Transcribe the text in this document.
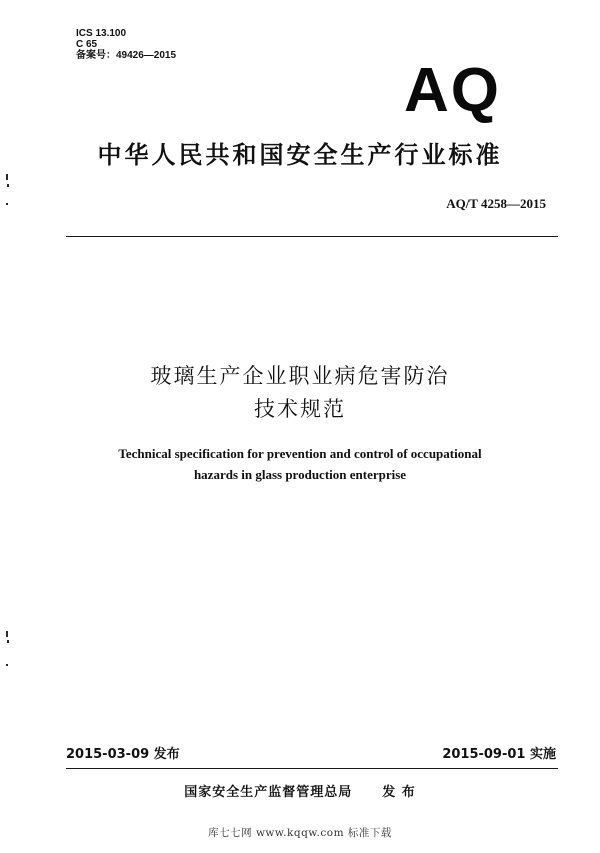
ICS 13.100
C 65
备案号：49426—2015
AQ
中华人民共和国安全生产行业标准
AQ/T 4258—2015
玻璃生产企业职业病危害防治
技术规范
Technical specification for prevention and control of occupational
hazards in glass production enterprise
2015-03-09 发布	2015-09-01 实施
国家安全生产监督管理总局 发 布
库七七网 www.kqqw.com 标准下载
